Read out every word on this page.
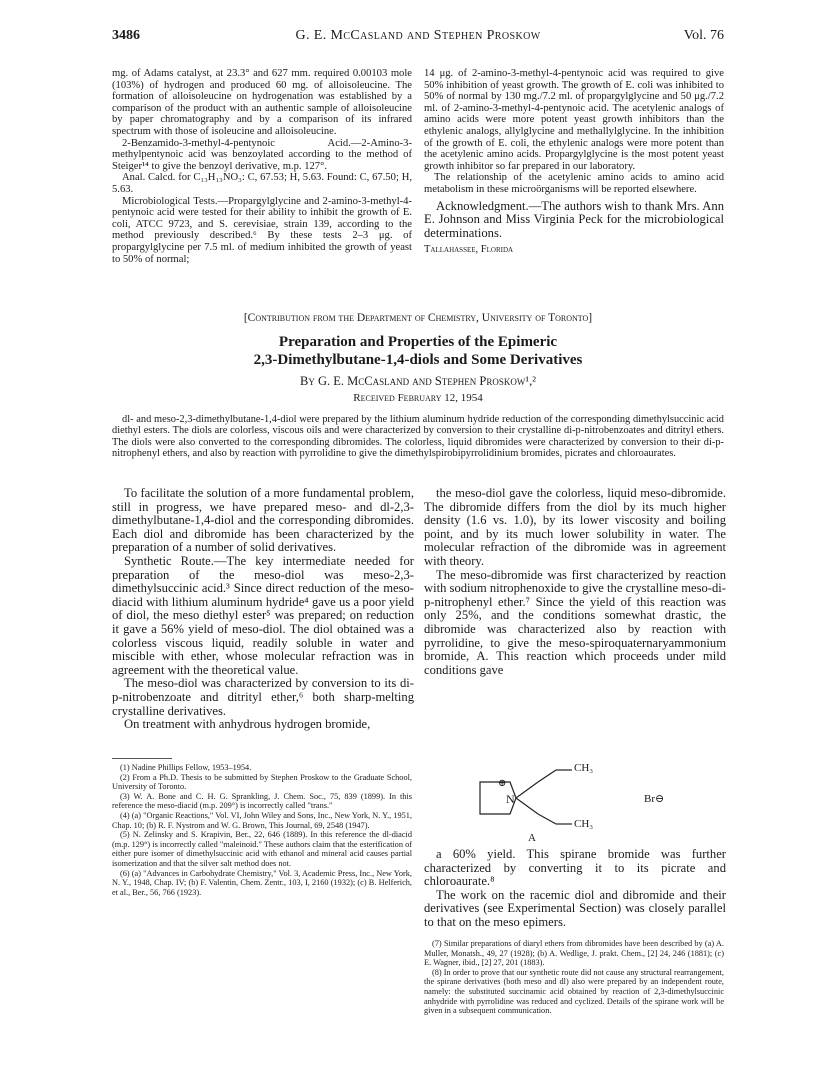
3486	G. E. McCasland and Stephen Proskow	Vol. 76

mg. of Adams catalyst, at 23.3° and 627 mm. required 0.00103 mole (103%) of hydrogen and produced 60 mg. of alloisoleucine. The formation of alloisoleucine on hydrogenation was established by a comparison of the product with an authentic sample of alloisoleucine by paper chromatography and by a comparison of its infrared spectrum with those of isoleucine and alloisoleucine.

2-Benzamido-3-methyl-4-pentynoic Acid.—2-Amino-3-methylpentynoic acid was benzoylated according to the method of Steiger¹⁴ to give the benzoyl derivative, m.p. 127°.

Anal. Calcd. for C₁₃H₁₃NO₃: C, 67.53; H, 5.63. Found: C, 67.50; H, 5.63.

Microbiological Tests.—Propargylglycine and 2-amino-3-methyl-4-pentynoic acid were tested for their ability to inhibit the growth of E. coli, ATCC 9723, and S. cerevisiae, strain 139, according to the method previously described.⁶ By these tests 2–3 μg. of propargylglycine per 7.5 ml. of medium inhibited the growth of yeast to 50% of normal;

14 μg. of 2-amino-3-methyl-4-pentynoic acid was required to give 50% inhibition of yeast growth. The growth of E. coli was inhibited to 50% of normal by 130 mg./7.2 ml. of propargylglycine and 50 μg./7.2 ml. of 2-amino-3-methyl-4-pentynoic acid. The acetylenic analogs of amino acids were more potent yeast growth inhibitors than the ethylenic analogs, allylglycine and methallylglycine. In the inhibition of the growth of E. coli, the ethylenic analogs were more potent than the acetylenic amino acids. Propargylglycine is the most potent yeast growth inhibitor so far prepared in our laboratory.

The relationship of the acetylenic amino acids to amino acid metabolism in these microörganisms will be reported elsewhere.

Acknowledgment.—The authors wish to thank Mrs. Ann E. Johnson and Miss Virginia Peck for the microbiological determinations.

Tallahassee, Florida
[Contribution from the Department of Chemistry, University of Toronto]
Preparation and Properties of the Epimeric
2,3-Dimethylbutane-1,4-diols and Some Derivatives
By G. E. McCasland and Stephen Proskow¹,²
Received February 12, 1954

dl- and meso-2,3-dimethylbutane-1,4-diol were prepared by the lithium aluminum hydride reduction of the corresponding dimethylsuccinic acid diethyl esters. The diols are colorless, viscous oils and were characterized by conversion to their crystalline di-p-nitrobenzoates and ditrityl ethers. The diols were also converted to the corresponding dibromides. The colorless, liquid dibromides were characterized by conversion to their di-p-nitrophenyl ethers, and also by reaction with pyrrolidine to give the dimethylspirobipyrrolidinium bromides, picrates and chloroaurates.

To facilitate the solution of a more fundamental problem, still in progress, we have prepared meso- and dl-2,3-dimethylbutane-1,4-diol and the corresponding dibromides. Each diol and dibromide has been characterized by the preparation of a number of solid derivatives.

Synthetic Route.—The key intermediate needed for preparation of the meso-diol was meso-2,3-dimethylsuccinic acid.³ Since direct reduction of the meso-diacid with lithium aluminum hydride⁴ gave us a poor yield of diol, the meso diethyl ester⁵ was prepared; on reduction it gave a 56% yield of meso-diol. The diol obtained was a colorless viscous liquid, readily soluble in water and miscible with ether, whose molecular refraction was in agreement with the theoretical value.

The meso-diol was characterized by conversion to its di-p-nitrobenzoate and ditrityl ether,⁶ both sharp-melting crystalline derivatives.

On treatment with anhydrous hydrogen bromide,

the meso-diol gave the colorless, liquid meso-dibromide. The dibromide differs from the diol by its much higher density (1.6 vs. 1.0), by its lower viscosity and boiling point, and by its much lower solubility in water. The molecular refraction of the dibromide was in agreement with theory.

The meso-dibromide was first characterized by reaction with sodium nitrophenoxide to give the crystalline meso-di-p-nitrophenyl ether.⁷ Since the yield of this reaction was only 25%, and the conditions somewhat drastic, the dibromide was characterized also by reaction with pyrrolidine, to give the meso-spiroquaternaryammonium bromide, A. This reaction which proceeds under mild conditions gave

N
⊕
CH₃
CH₃
Br⊖
A

a 60% yield. This spirane bromide was further characterized by converting it to its picrate and chloroaurate.⁸

The work on the racemic diol and dibromide and their derivatives (see Experimental Section) was closely parallel to that on the meso epimers.

(1) Nadine Phillips Fellow, 1953–1954.

(2) From a Ph.D. Thesis to be submitted by Stephen Proskow to the Graduate School, University of Toronto.

(3) W. A. Bone and C. H. G. Sprankling, J. Chem. Soc., 75, 839 (1899). In this reference the meso-diacid (m.p. 209°) is incorrectly called "trans."

(4) (a) "Organic Reactions," Vol. VI, John Wiley and Sons, Inc., New York, N. Y., 1951, Chap. 10; (b) R. F. Nystrom and W. G. Brown, This Journal, 69, 2548 (1947).

(5) N. Zelinsky and S. Krapivin, Ber., 22, 646 (1889). In this reference the dl-diacid (m.p. 129°) is incorrectly called "maleinoid." These authors claim that the esterification of either pure isomer of dimethylsuccinic acid with ethanol and mineral acid causes partial isomerization and that the silver salt method does not.

(6) (a) "Advances in Carbohydrate Chemistry," Vol. 3, Academic Press, Inc., New York, N. Y., 1948, Chap. IV; (b) F. Valentin, Chem. Zentr., 103, I, 2160 (1932); (c) B. Helferich, et al., Ber., 56, 766 (1923).

(7) Similar preparations of diaryl ethers from dibromides have been described by (a) A. Muller, Monatsh., 49, 27 (1928); (b) A. Wedlige, J. prakt. Chem., [2] 24, 246 (1881); (c) E. Wagner, ibid., [2] 27, 201 (1883).

(8) In order to prove that our synthetic route did not cause any structural rearrangement, the spirane derivatives (both meso and dl) also were prepared by an independent route, namely: the substituted succinamic acid obtained by reaction of 2,3-dimethylsuccinic anhydride with pyrrolidine was reduced and cyclized. Details of the spirane work will be given in a subsequent communication.
